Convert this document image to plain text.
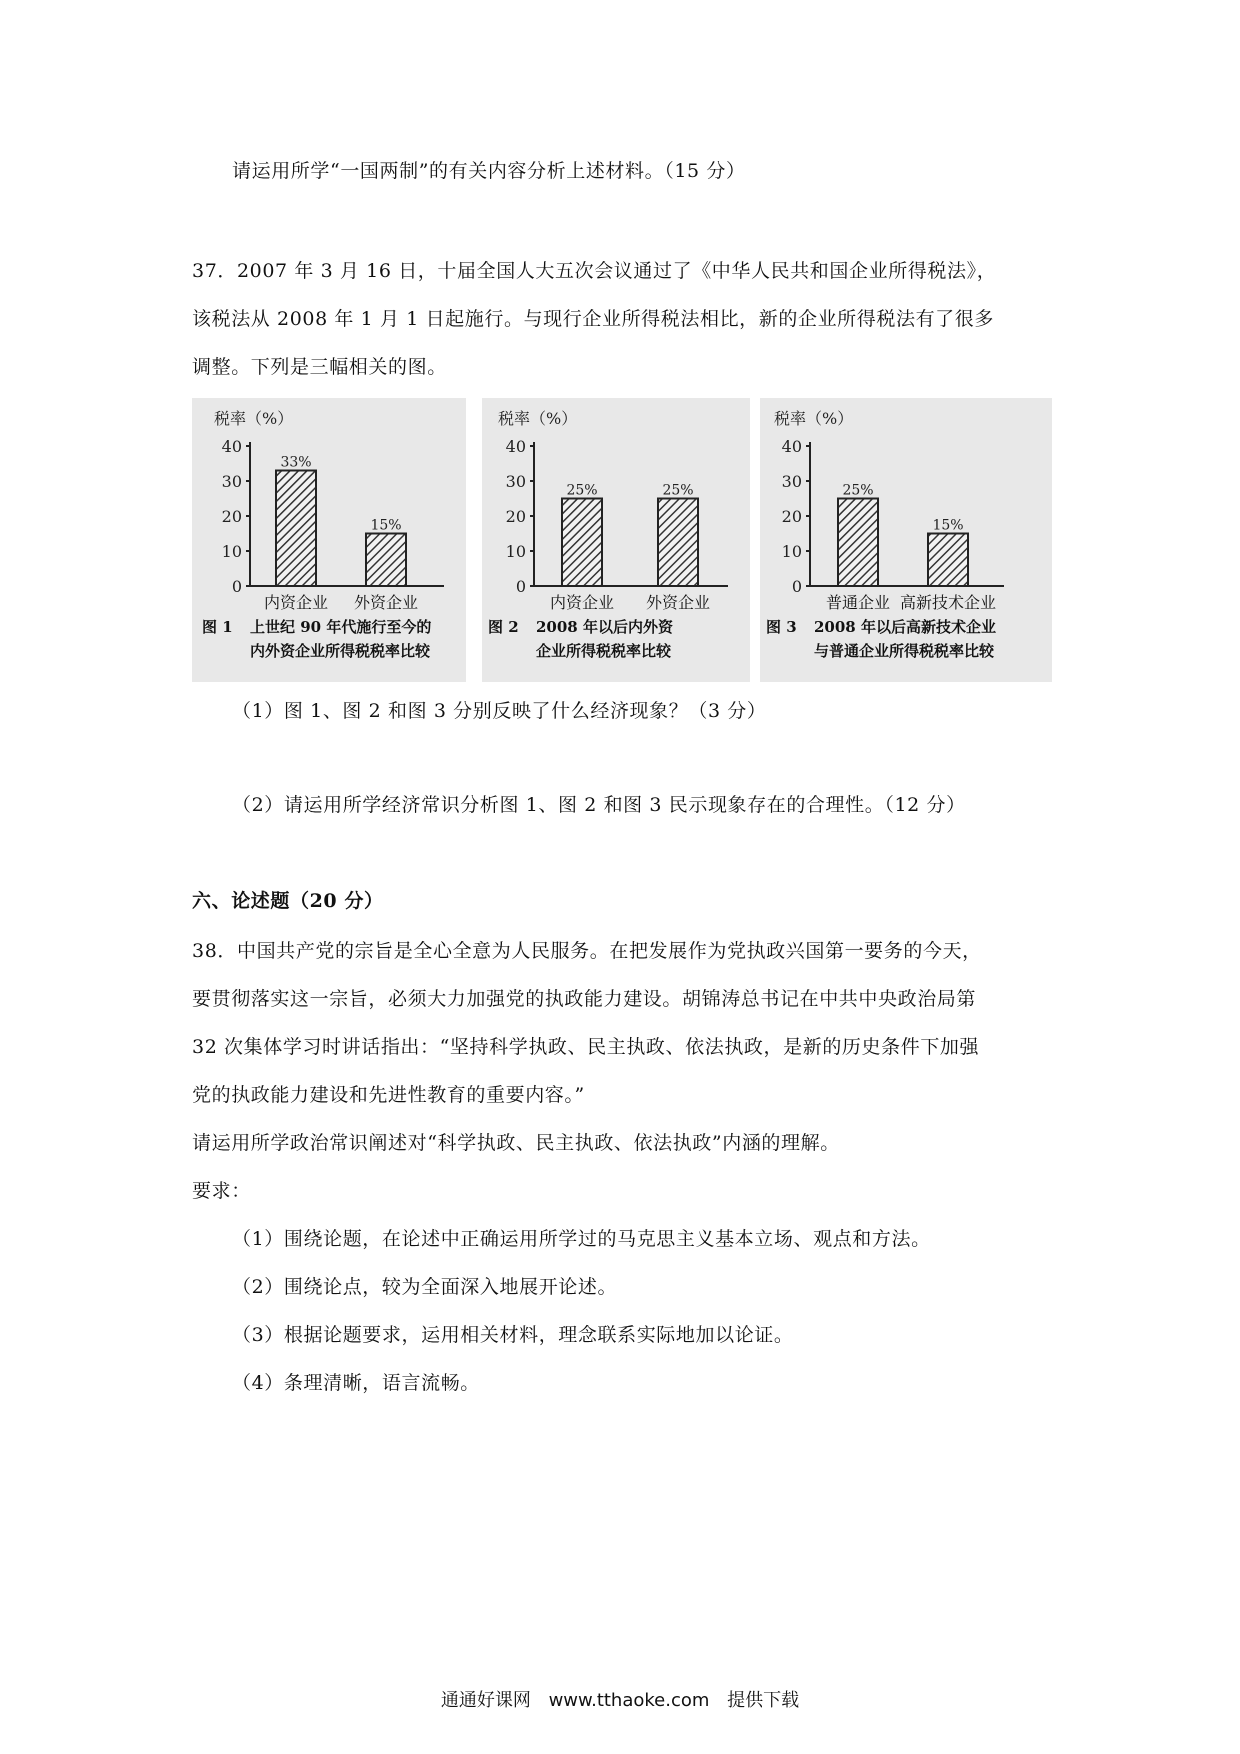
请运用所学“一国两制”的有关内容分析上述材料。（15 分）
37．2007 年 3 月 16 日，十届全国人大五次会议通过了《中华人民共和国企业所得税法》，
该税法从 2008 年 1 月 1 日起施行。与现行企业所得税法相比，新的企业所得税法有了很多
调整。下列是三幅相关的图。
税率（%）
0
10
20
30
40
33%
内资企业
15%
外资企业
图 1 上世纪 90 年代施行至今的
内外资企业所得税税率比较
税率（%）
0
10
20
30
40
25%
内资企业
25%
外资企业
图 2 2008 年以后内外资
企业所得税税率比较
税率（%）
0
10
20
30
40
25%
普通企业
15%
高新技术企业
图 3 2008 年以后高新技术企业
与普通企业所得税税率比较
（1）图 1、图 2 和图 3 分别反映了什么经济现象？（3 分）
（2）请运用所学经济常识分析图 1、图 2 和图 3 民示现象存在的合理性。（12 分）
六、论述题（20 分）
38．中国共产党的宗旨是全心全意为人民服务。在把发展作为党执政兴国第一要务的今天，
要贯彻落实这一宗旨，必须大力加强党的执政能力建设。胡锦涛总书记在中共中央政治局第
32 次集体学习时讲话指出：“坚持科学执政、民主执政、依法执政，是新的历史条件下加强
党的执政能力建设和先进性教育的重要内容。”
请运用所学政治常识阐述对“科学执政、民主执政、依法执政”内涵的理解。
要求：
（1）围绕论题，在论述中正确运用所学过的马克思主义基本立场、观点和方法。
（2）围绕论点，较为全面深入地展开论述。
（3）根据论题要求，运用相关材料，理念联系实际地加以论证。
（4）条理清晰，语言流畅。
通通好课网 www.tthaoke.com 提供下载
